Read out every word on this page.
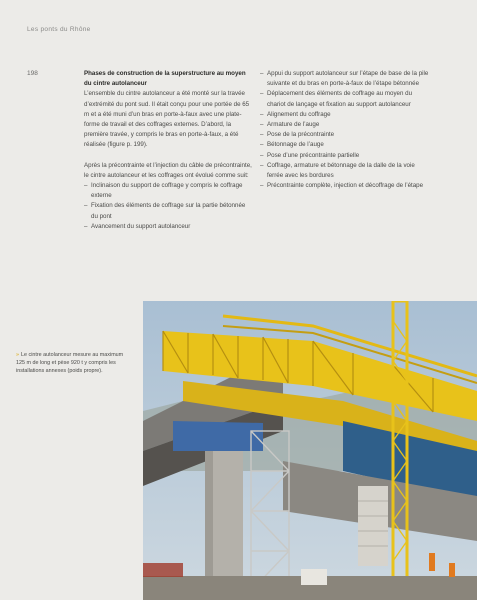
Les ponts du Rhône
198	Phases de construction de la superstructure au moyen du cintre autolanceur

L’ensemble du cintre autolanceur a été monté sur la travée d’extrémité du pont sud. Il était conçu pour une portée de 65 m et a été muni d’un bras en porte-à-faux avec une plate-forme de travail et des coffrages externes. D’abord, la première travée, y compris le bras en porte-à-faux, a été réalisée (figure p. 199).

Après la précontrainte et l’injection du câble de précontrainte, le cintre autolanceur et les coffrages ont évolué comme suit:

– Inclinaison du support de coffrage y compris le coffrage externe
– Fixation des éléments de coffrage sur la partie bétonnée du pont
– Avancement du support autolanceur
– Appui du support autolanceur sur l’étape de base de la pile suivante et du bras en porte-à-faux de l’étape bétonnée
– Déplacement des éléments de coffrage au moyen du chariot de lançage et fixation au support autolanceur
– Alignement du coffrage
– Armature de l’auge
– Pose de la précontrainte
– Bétonnage de l’auge
– Pose d’une précontrainte partielle
– Coffrage, armature et bétonnage de la dalle de la voie ferrée avec les bordures
– Précontrainte complète, injection et décoffrage de l’étape
» Le cintre autolanceur mesure au maximum 125 m de long et pèse 920 t y compris les installations annexes (poids propre).
